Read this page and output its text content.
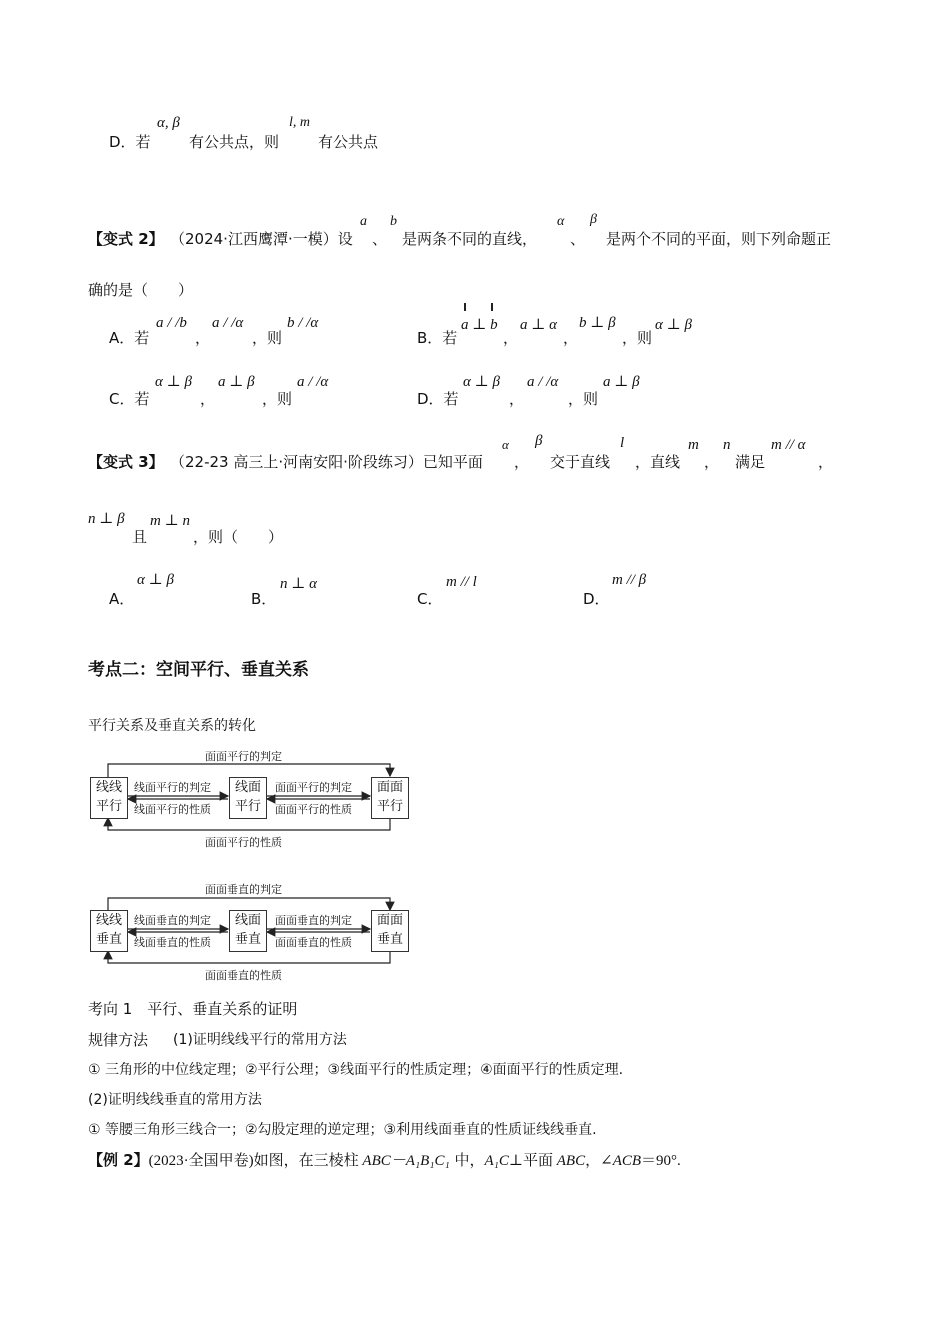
D．若
α, β
有公共点，则
l, m
有公共点
【变式 2】 （2024·江西鹰潭·一模）设
a
、
b
是两条不同的直线，
α
、
β
是两个不同的平面，则下列命题正
确的是（　　）
A．若
a / /b
，
a / /α
，则
b / /α
B．若
a ⊥ b
，
a ⊥ α
，
b ⊥ β
，则
α ⊥ β
C．若
α ⊥ β
，
a ⊥ β
，则
a / /α
D．若
α ⊥ β
，
a / /α
，则
a ⊥ β
【变式 3】 （22-23 高三上·河南安阳·阶段练习）已知平面
α
，
β
交于直线
l
，直线
m
，
n
满足
m // α
，
n ⊥ β
且
m ⊥ n
，则（　　）
A．
α ⊥ β
B．
n ⊥ α
C．
m // l
D．
m // β
考点二：空间平行、垂直关系
平行关系及垂直关系的转化
面面平行的判定
面面平行的性质
线线
平行
线面
平行
面面
平行
线面平行的判定
线面平行的性质
面面平行的判定
面面平行的性质
面面垂直的判定
面面垂直的性质
线线
垂直
线面
垂直
面面
垂直
线面垂直的判定
线面垂直的性质
面面垂直的判定
面面垂直的性质
考向 1　平行、垂直关系的证明
规律方法 (1)证明线线平行的常用方法
① 三角形的中位线定理；②平行公理；③线面平行的性质定理；④面面平行的性质定理.
(2)证明线线垂直的常用方法
① 等腰三角形三线合一；②勾股定理的逆定理；③利用线面垂直的性质证线线垂直.
【例 2】(2023·全国甲卷)如图，在三棱柱 ABC－A₁B₁C₁ 中，A₁C⊥平面 ABC，∠ACB＝90°.
